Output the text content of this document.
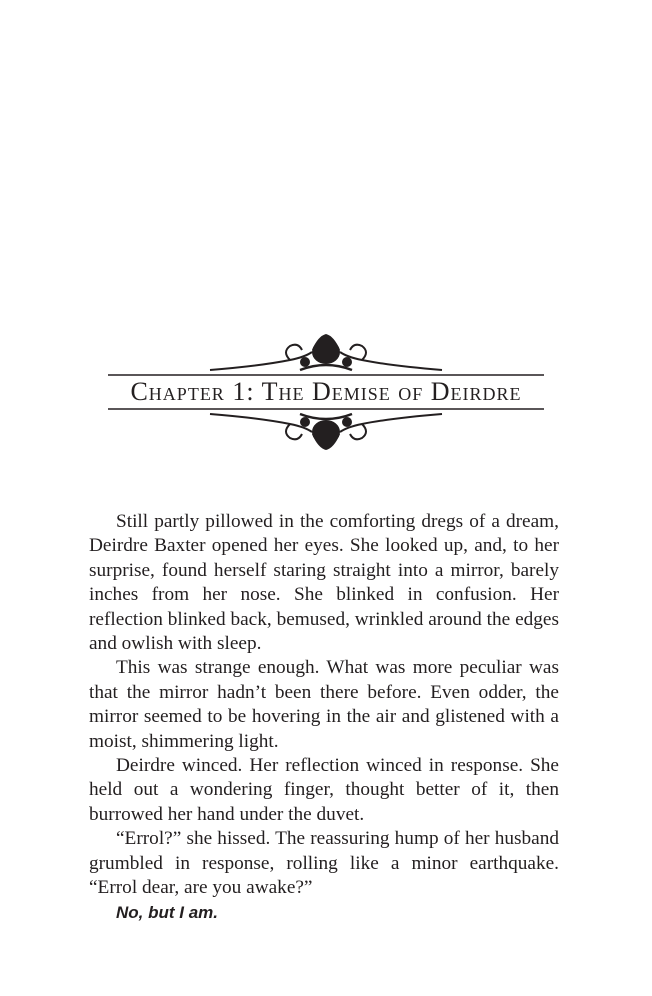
Chapter 1: The Demise of Deirdre

Still partly pillowed in the comforting dregs of a dream, Deirdre Baxter opened her eyes. She looked up, and, to her surprise, found herself staring straight into a mirror, barely inches from her nose. She blinked in confusion. Her reflection blinked back, bemused, wrinkled around the edges and owlish with sleep.

This was strange enough. What was more peculiar was that the mirror hadn’t been there before. Even odder, the mirror seemed to be hovering in the air and glistened with a moist, shimmering light.

Deirdre winced. Her reflection winced in response. She held out a wondering finger, thought better of it, then burrowed her hand under the duvet.

“Errol?” she hissed. The reassuring hump of her husband grumbled in response, rolling like a minor earthquake. “Errol dear, are you awake?”

No, but I am.
